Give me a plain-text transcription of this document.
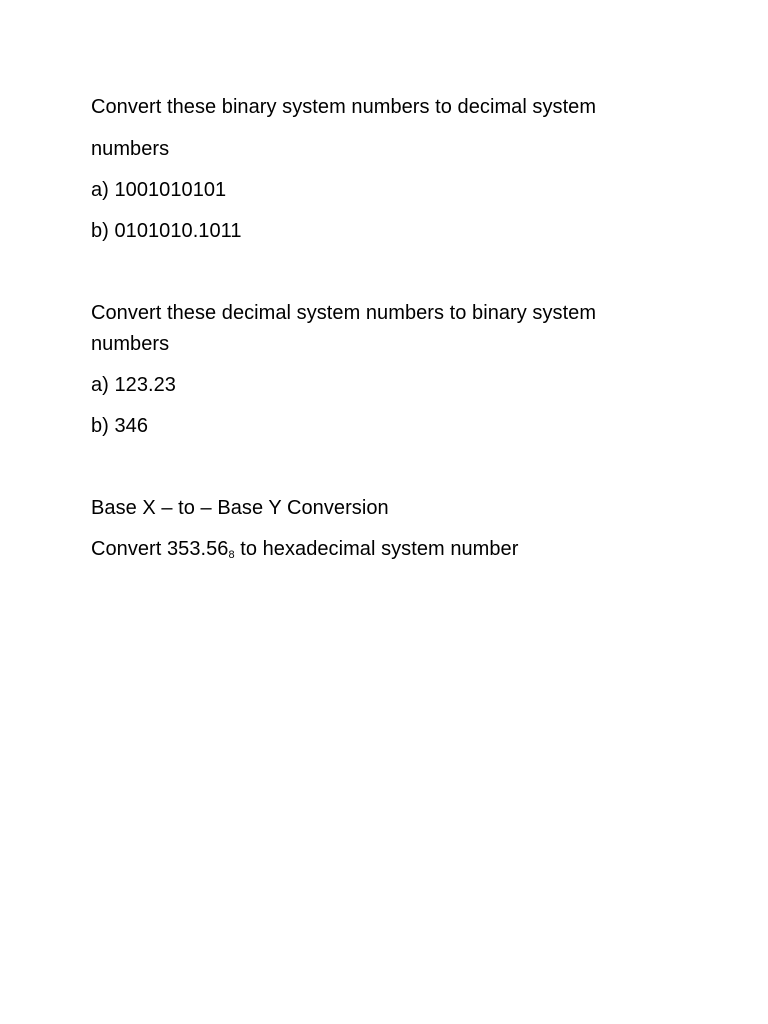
Convert these binary system numbers to decimal system
numbers
a) 1001010101
b) 0101010.1011
Convert these decimal system numbers to binary system
numbers
a) 123.23
b) 346
Base X – to – Base Y Conversion
Convert $353.56_8$ to hexadecimal system number
